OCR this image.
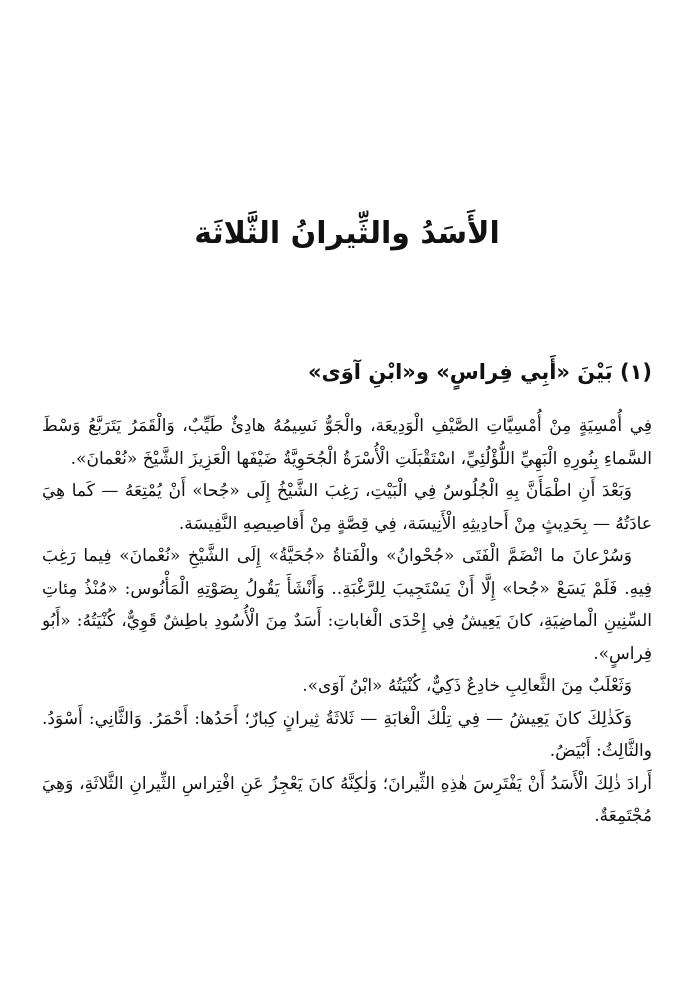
الأَسَدُ والثِّيرانُ الثَّلاثَة
(١) بَيْنَ «أَبِي فِراسٍ» و«ابْنِ آوَى»

فِي أُمْسِيَةٍ مِنْ أُمْسِيَّاتِ الصَّيْفِ الْوَدِيعَة، والْجَوُّ نَسِيمُهُ هادِئٌ طَيِّبٌ، وَالْقَمَرُ يَتَرَبَّعُ وَسْطَ السَّماءِ بِنُورِهِ الْبَهِيِّ اللُّؤْلُئِيِّ، اسْتَقْبَلَتِ الْأُسْرَةُ الْجُحَوِيَّةُ ضَيْفَها الْعَزِيزَ الشَّيْخَ «نُعْمانَ».

وَبَعْدَ أَنِ اطْمَأَنَّ بِهِ الْجُلُوسُ فِي الْبَيْتِ، رَغِبَ الشَّيْخُ إِلَى «جُحا» أَنْ يُمْتِعَهُ — كَما هِيَ عادَتُهُ — بِحَدِيثٍ مِنْ أَحادِيثِهِ الْأَنِيسَة، فِي قِصَّةٍ مِنْ أَقاصِيصِهِ النَّفِيسَة.

وَسُرْعانَ ما انْضَمَّ الْفَتَى «جُحْوانُ» والْفَتاةُ «جُحَيَّةُ» إِلَى الشَّيْخِ «نُعْمانَ» فِيما رَغِبَ فِيهِ. فَلَمْ يَسَعْ «جُحا» إِلَّا أَنْ يَسْتَجِيبَ لِلرَّغْبَةِ.. وَأَنْشَأَ يَقُولُ بِصَوْتِهِ الْمَأْنُوس: «مُنْذُ مِئاتِ السِّنِينِ الْماضِيَةِ، كانَ يَعِيشُ فِي إِحْدَى الْغاباتِ: أَسَدٌ مِنَ الْأُسُودِ باطِشٌ قَوِيٌّ، كُنْيَتُهُ: «أَبُو فِراسٍ».

وَثَعْلَبٌ مِنَ الثَّعالِبِ خادِعٌ ذَكِيٌّ، كُنْيَتُهُ «ابْنُ آوَى».

وَكَذٰلِكَ كانَ يَعِيشُ — فِي تِلْكَ الْغابَةِ — ثَلاثَةُ ثِيرانٍ كِبارٌ؛ أَحَدُها: أَحْمَرُ. وَالثَّانِي: أَسْوَدُ. والثَّالِثُ: أَبْيَضُ.

أَرادَ ذٰلِكَ الْأَسَدُ أَنْ يَفْتَرِسَ هٰذِهِ الثِّيرانَ؛ وَلٰكِنَّهُ كانَ يَعْجِزُ عَنِ افْتِراسِ الثِّيرانِ الثَّلاثَةِ، وَهِيَ مُجْتَمِعَةٌ.
